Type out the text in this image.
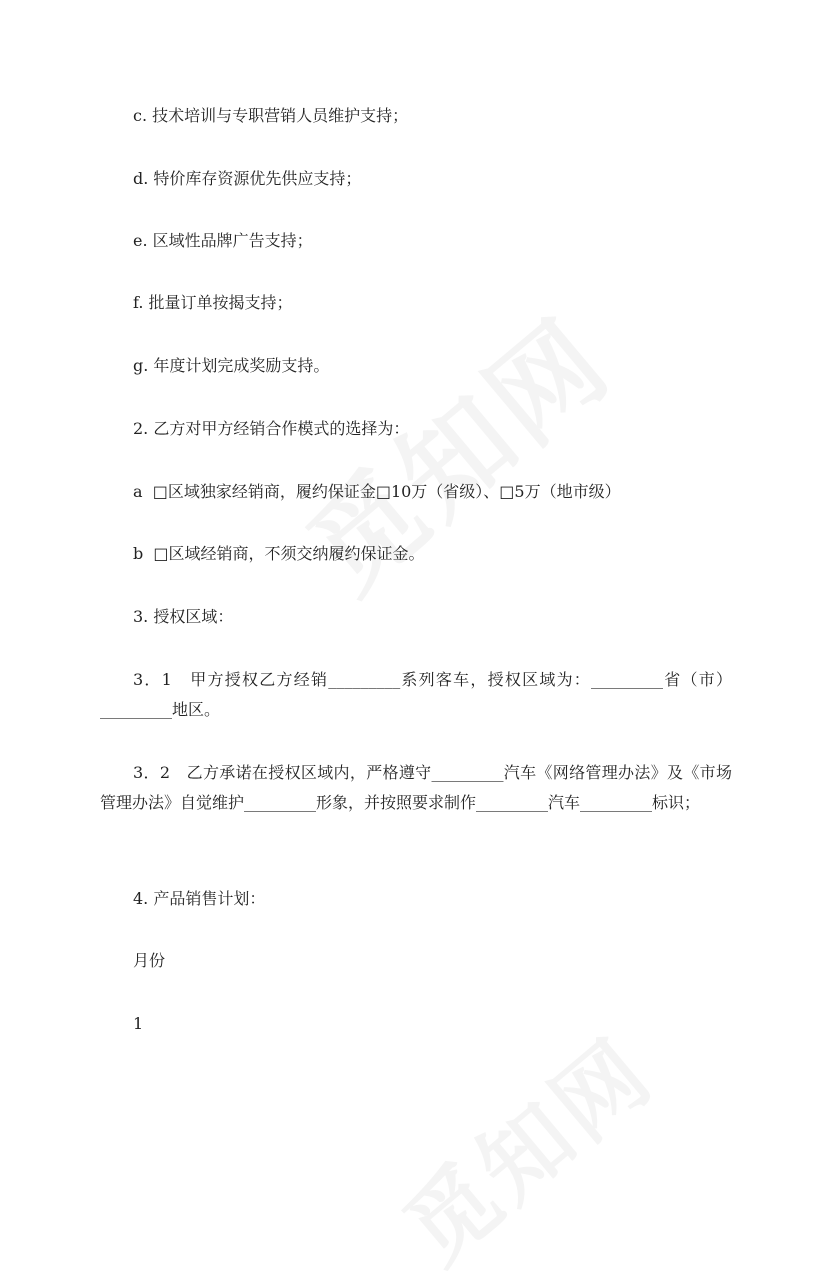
c. 技术培训与专职营销人员维护支持；
d. 特价库存资源优先供应支持；
e. 区域性品牌广告支持；
f. 批量订单按揭支持；
g. 年度计划完成奖励支持。
2. 乙方对甲方经销合作模式的选择为：
a  □区域独家经销商，履约保证金□10万（省级）、□5万（地市级）
b  □区域经销商，不须交纳履约保证金。
3. 授权区域：
3．1　甲方授权乙方经销_________系列客车，授权区域为：_________省（市）_________地区。
3．2　乙方承诺在授权区域内，严格遵守_________汽车《网络管理办法》及《市场管理办法》自觉维护_________形象，并按照要求制作_________汽车_________标识；
4. 产品销售计划：
月份
1
